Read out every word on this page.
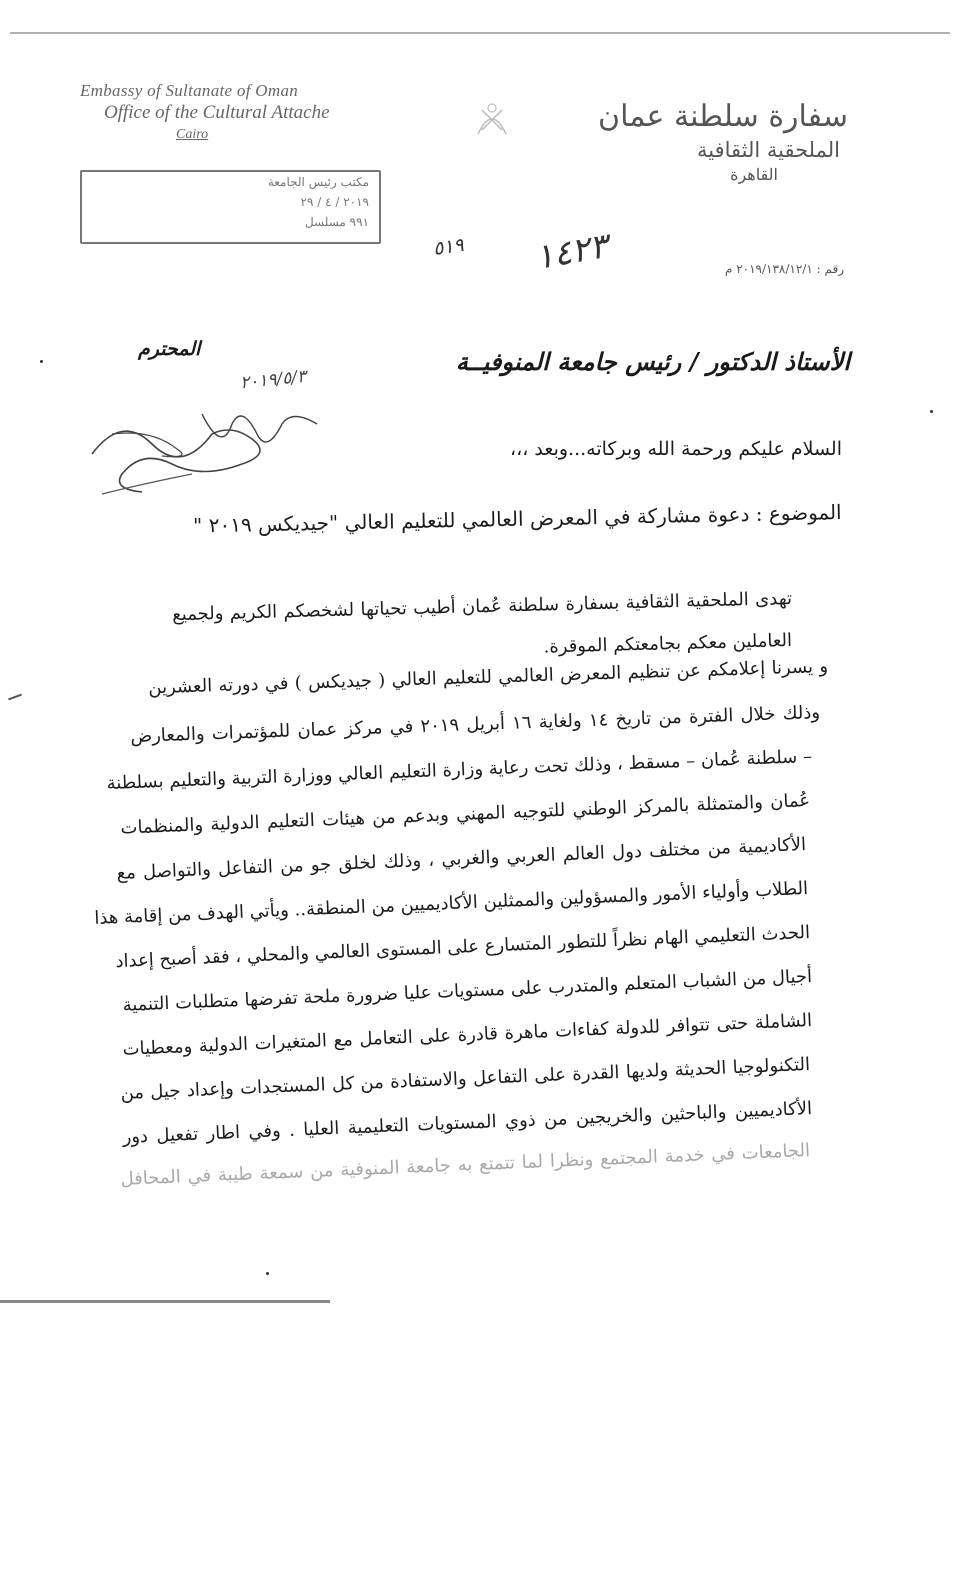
Embassy of Sultanate of Oman
Office of the Cultural Attache
Cairo
مكتب رئيس الجامعة
٢٠١٩ / ٤ / ٢٩
٩٩١ مسلسل
سفارة سلطنة عمان
الملحقية الثقافية
القاهرة
رقم : ٢٠١٩/١٣٨/١٢/١ م
٥١٩ ١٤٢٣
المحترم	الأستاذ الدكتور / رئيس جامعة المنوفيــة
٢٠١٩/٥/٣
السلام عليكم ورحمة الله وبركاته...وبعد ،،،
الموضوع : دعوة مشاركة في المعرض العالمي للتعليم العالي "جيديكس ٢٠١٩ "
تهدى الملحقية الثقافية بسفارة سلطنة عُمان أطيب تحياتها لشخصكم الكريم ولجميع
العاملين معكم بجامعتكم الموقرة.
و يسرنا إعلامكم عن تنظيم المعرض العالمي للتعليم العالي ( جيديكس ) في دورته العشرين
وذلك خلال الفترة من تاريخ ١٤ ولغاية ١٦ أبريل ٢٠١٩ في مركز عمان للمؤتمرات والمعارض
– سلطنة عُمان – مسقط ، وذلك تحت رعاية وزارة التعليم العالي ووزارة التربية والتعليم بسلطنة
عُمان والمتمثلة بالمركز الوطني للتوجيه المهني وبدعم من هيئات التعليم الدولية والمنظمات
الأكاديمية من مختلف دول العالم العربي والغربي ، وذلك لخلق جو من التفاعل والتواصل مع
الطلاب وأولياء الأمور والمسؤولين والممثلين الأكاديميين من المنطقة.. ويأتي الهدف من إقامة هذا
الحدث التعليمي الهام نظراً للتطور المتسارع على المستوى العالمي والمحلي ، فقد أصبح إعداد
أجيال من الشباب المتعلم والمتدرب على مستويات عليا ضرورة ملحة تفرضها متطلبات التنمية
الشاملة حتى تتوافر للدولة كفاءات ماهرة قادرة على التعامل مع المتغيرات الدولية ومعطيات
التكنولوجيا الحديثة ولديها القدرة على التفاعل والاستفادة من كل المستجدات وإعداد جيل من
الأكاديميين والباحثين والخريجين من ذوي المستويات التعليمية العليا . وفي اطار تفعيل دور
الجامعات في خدمة المجتمع ونظرا لما تتمتع به جامعة المنوفية من سمعة طيبة في المحافل
